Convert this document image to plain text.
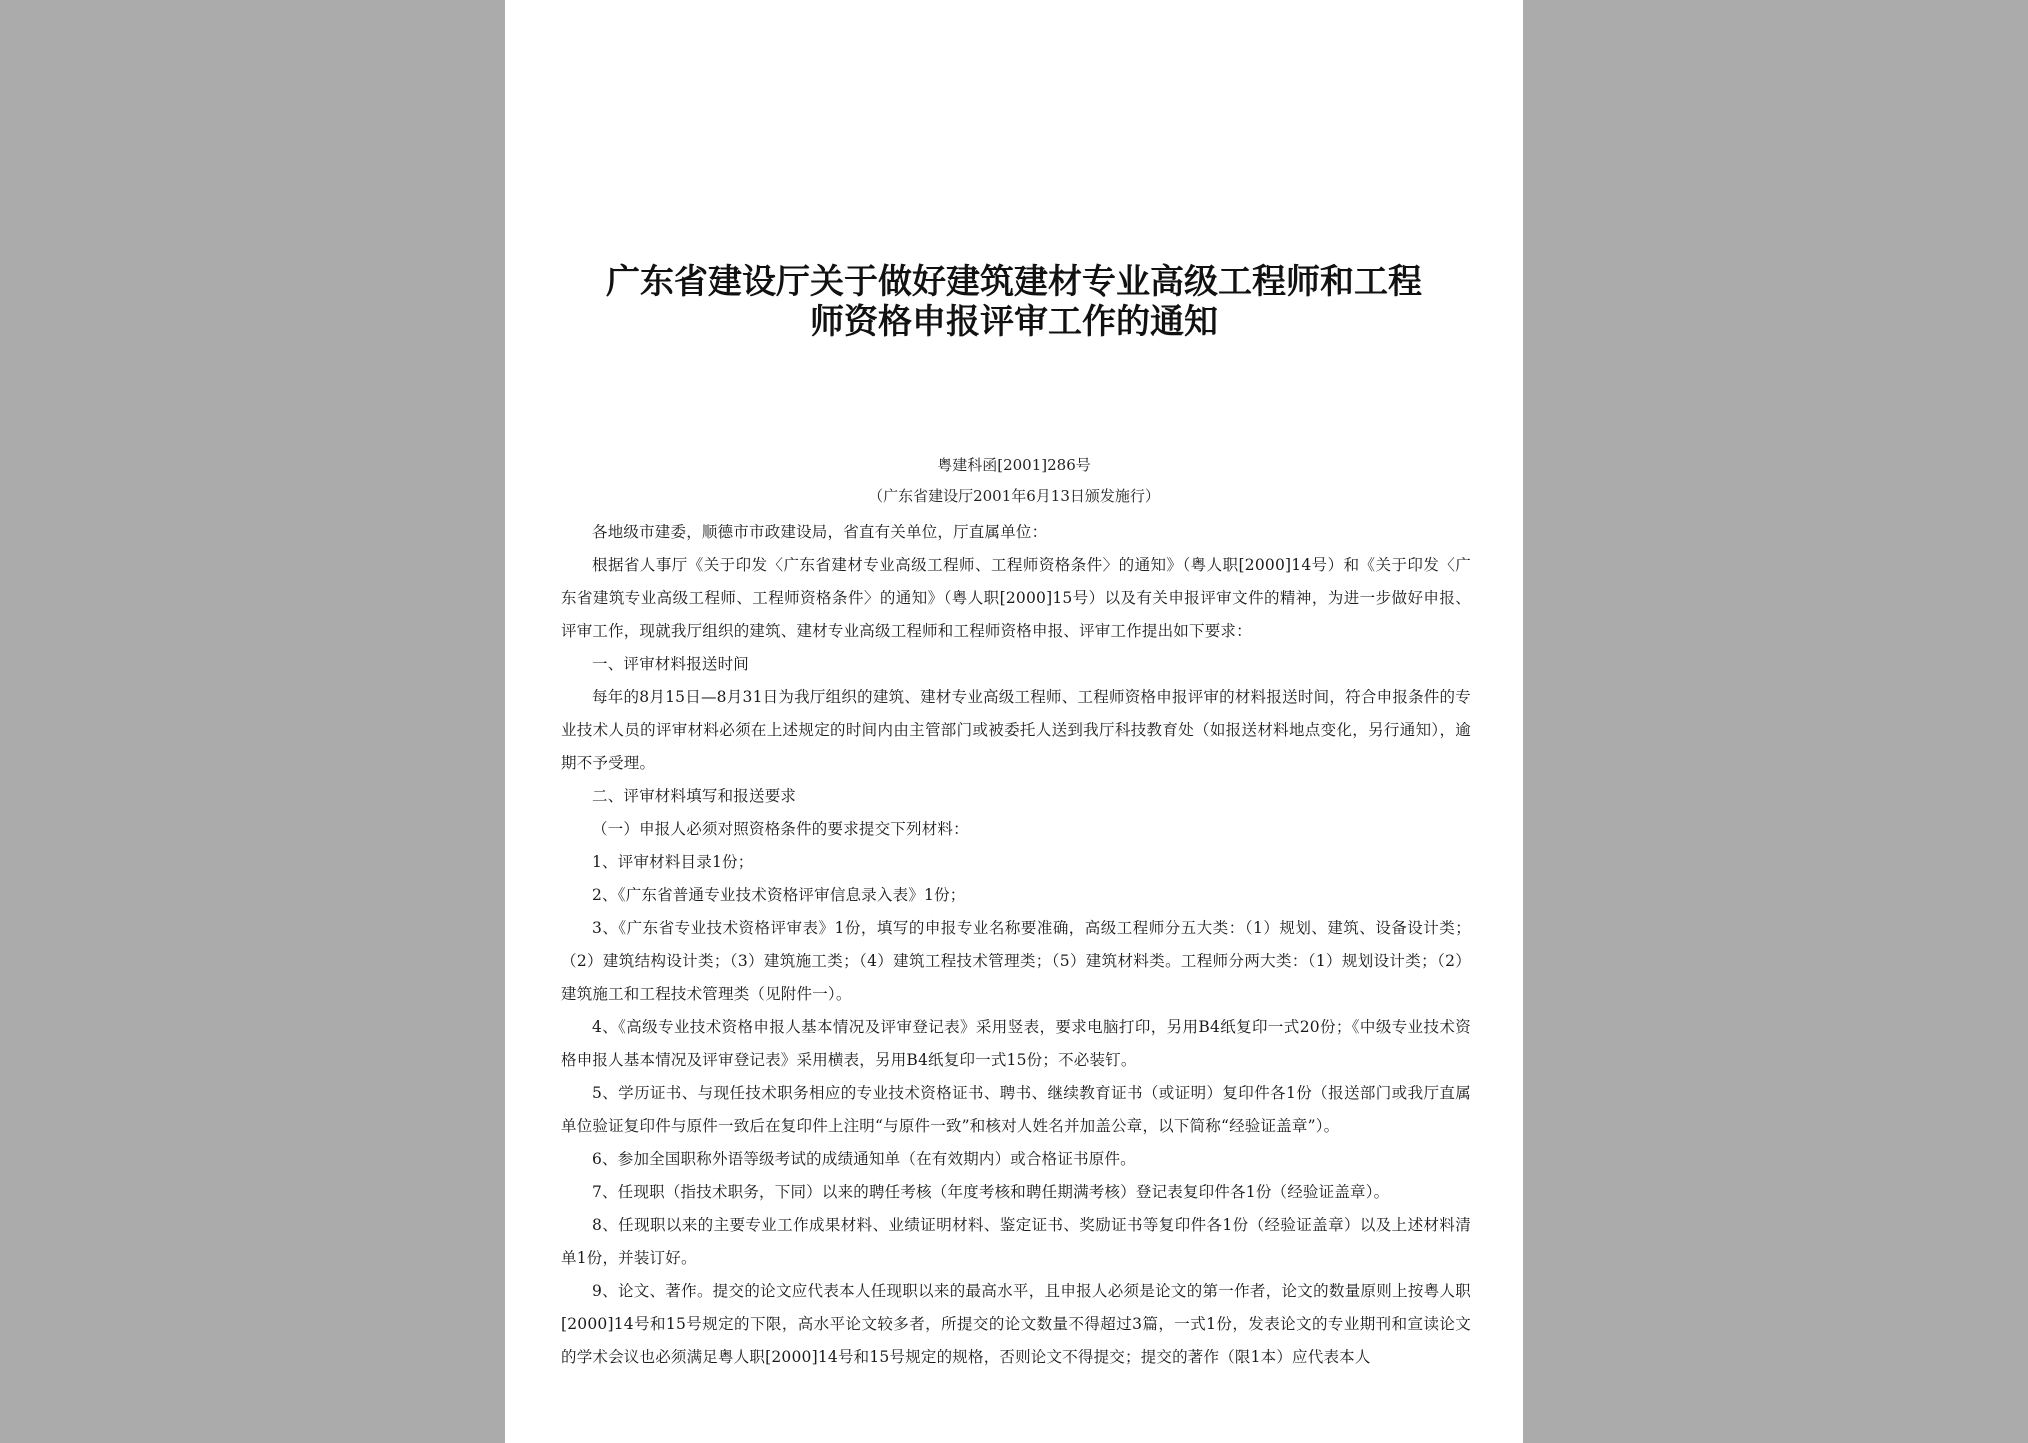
广东省建设厅关于做好建筑建材专业高级工程师和工程师资格申报评审工作的通知
粤建科函[2001]286号
（广东省建设厅2001年6月13日颁发施行）

各地级市建委，顺德市市政建设局，省直有关单位，厅直属单位：

根据省人事厅《关于印发〈广东省建材专业高级工程师、工程师资格条件〉的通知》（粤人职[2000]14号）和《关于印发〈广东省建筑专业高级工程师、工程师资格条件〉的通知》（粤人职[2000]15号）以及有关申报评审文件的精神，为进一步做好申报、评审工作，现就我厅组织的建筑、建材专业高级工程师和工程师资格申报、评审工作提出如下要求：

一、评审材料报送时间

每年的8月15日—8月31日为我厅组织的建筑、建材专业高级工程师、工程师资格申报评审的材料报送时间，符合申报条件的专业技术人员的评审材料必须在上述规定的时间内由主管部门或被委托人送到我厅科技教育处（如报送材料地点变化，另行通知），逾期不予受理。

二、评审材料填写和报送要求

（一）申报人必须对照资格条件的要求提交下列材料：

1、评审材料目录1份；

2、《广东省普通专业技术资格评审信息录入表》1份；

3、《广东省专业技术资格评审表》1份，填写的申报专业名称要准确，高级工程师分五大类：（1）规划、建筑、设备设计类；（2）建筑结构设计类；（3）建筑施工类；（4）建筑工程技术管理类；（5）建筑材料类。工程师分两大类：（1）规划设计类；（2）建筑施工和工程技术管理类（见附件一）。

4、《高级专业技术资格申报人基本情况及评审登记表》采用竖表，要求电脑打印，另用B4纸复印一式20份；《中级专业技术资格申报人基本情况及评审登记表》采用横表，另用B4纸复印一式15份；不必装钉。

5、学历证书、与现任技术职务相应的专业技术资格证书、聘书、继续教育证书（或证明）复印件各1份（报送部门或我厅直属单位验证复印件与原件一致后在复印件上注明“与原件一致”和核对人姓名并加盖公章，以下简称“经验证盖章”）。

6、参加全国职称外语等级考试的成绩通知单（在有效期内）或合格证书原件。

7、任现职（指技术职务，下同）以来的聘任考核（年度考核和聘任期满考核）登记表复印件各1份（经验证盖章）。

8、任现职以来的主要专业工作成果材料、业绩证明材料、鉴定证书、奖励证书等复印件各1份（经验证盖章）以及上述材料清单1份，并装订好。

9、论文、著作。提交的论文应代表本人任现职以来的最高水平，且申报人必须是论文的第一作者，论文的数量原则上按粤人职[2000]14号和15号规定的下限，高水平论文较多者，所提交的论文数量不得超过3篇，一式1份，发表论文的专业期刊和宣读论文的学术会议也必须满足粤人职[2000]14号和15号规定的规格，否则论文不得提交；提交的著作（限1本）应代表本人
